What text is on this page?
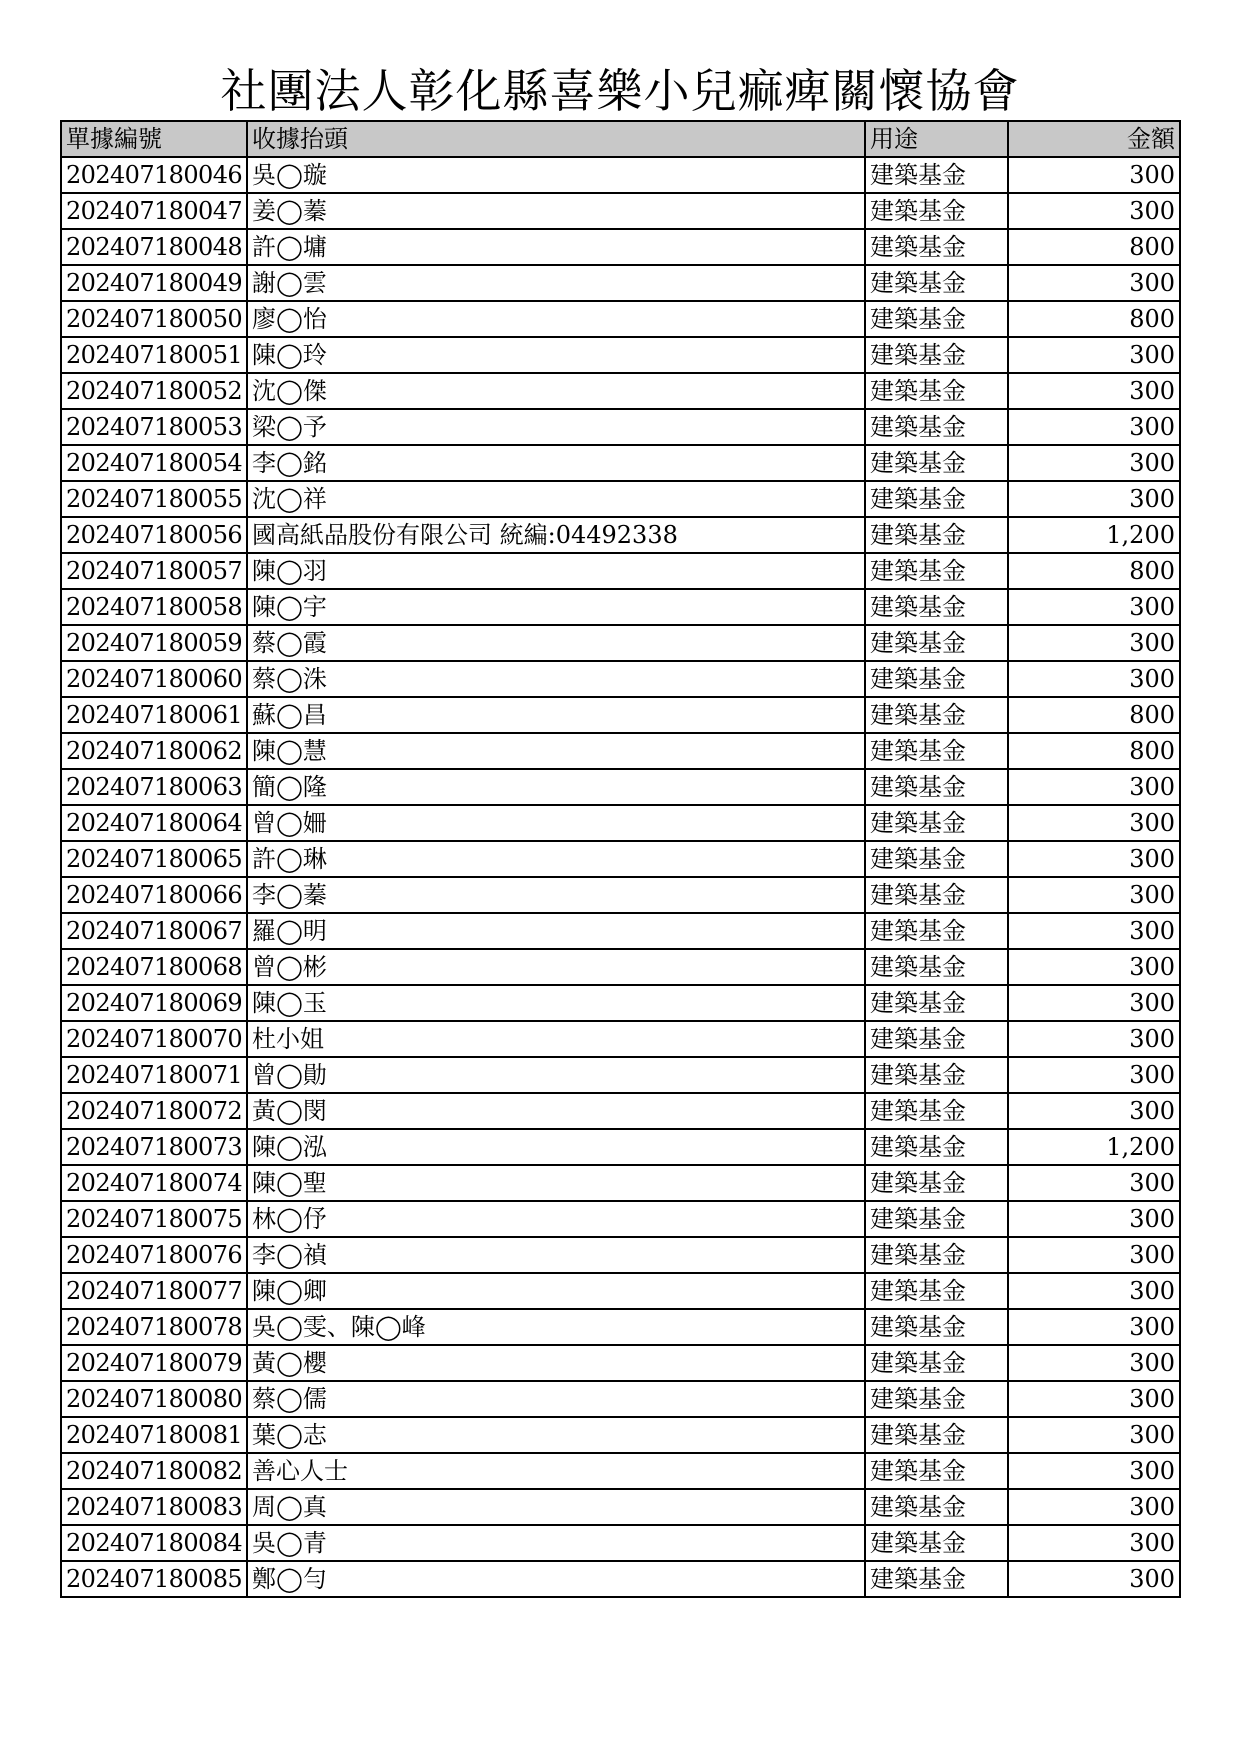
社團法人彰化縣喜樂小兒痲痺關懷協會
單據編號	收據抬頭	用途	金額
202407180046	吳◯璇	建築基金	300
202407180047	姜◯蓁	建築基金	300
202407180048	許◯墉	建築基金	800
202407180049	謝◯雲	建築基金	300
202407180050	廖◯怡	建築基金	800
202407180051	陳◯玲	建築基金	300
202407180052	沈◯傑	建築基金	300
202407180053	梁◯予	建築基金	300
202407180054	李◯銘	建築基金	300
202407180055	沈◯祥	建築基金	300
202407180056	國高紙品股份有限公司 統編:04492338	建築基金	1,200
202407180057	陳◯羽	建築基金	800
202407180058	陳◯宇	建築基金	300
202407180059	蔡◯霞	建築基金	300
202407180060	蔡◯洙	建築基金	300
202407180061	蘇◯昌	建築基金	800
202407180062	陳◯慧	建築基金	800
202407180063	簡◯隆	建築基金	300
202407180064	曾◯姍	建築基金	300
202407180065	許◯琳	建築基金	300
202407180066	李◯蓁	建築基金	300
202407180067	羅◯明	建築基金	300
202407180068	曾◯彬	建築基金	300
202407180069	陳◯玉	建築基金	300
202407180070	杜小姐	建築基金	300
202407180071	曾◯勛	建築基金	300
202407180072	黃◯閔	建築基金	300
202407180073	陳◯泓	建築基金	1,200
202407180074	陳◯聖	建築基金	300
202407180075	林◯伃	建築基金	300
202407180076	李◯禎	建築基金	300
202407180077	陳◯卿	建築基金	300
202407180078	吳◯雯、陳◯峰	建築基金	300
202407180079	黃◯櫻	建築基金	300
202407180080	蔡◯儒	建築基金	300
202407180081	葉◯志	建築基金	300
202407180082	善心人士	建築基金	300
202407180083	周◯真	建築基金	300
202407180084	吳◯青	建築基金	300
202407180085	鄭◯勻	建築基金	300
